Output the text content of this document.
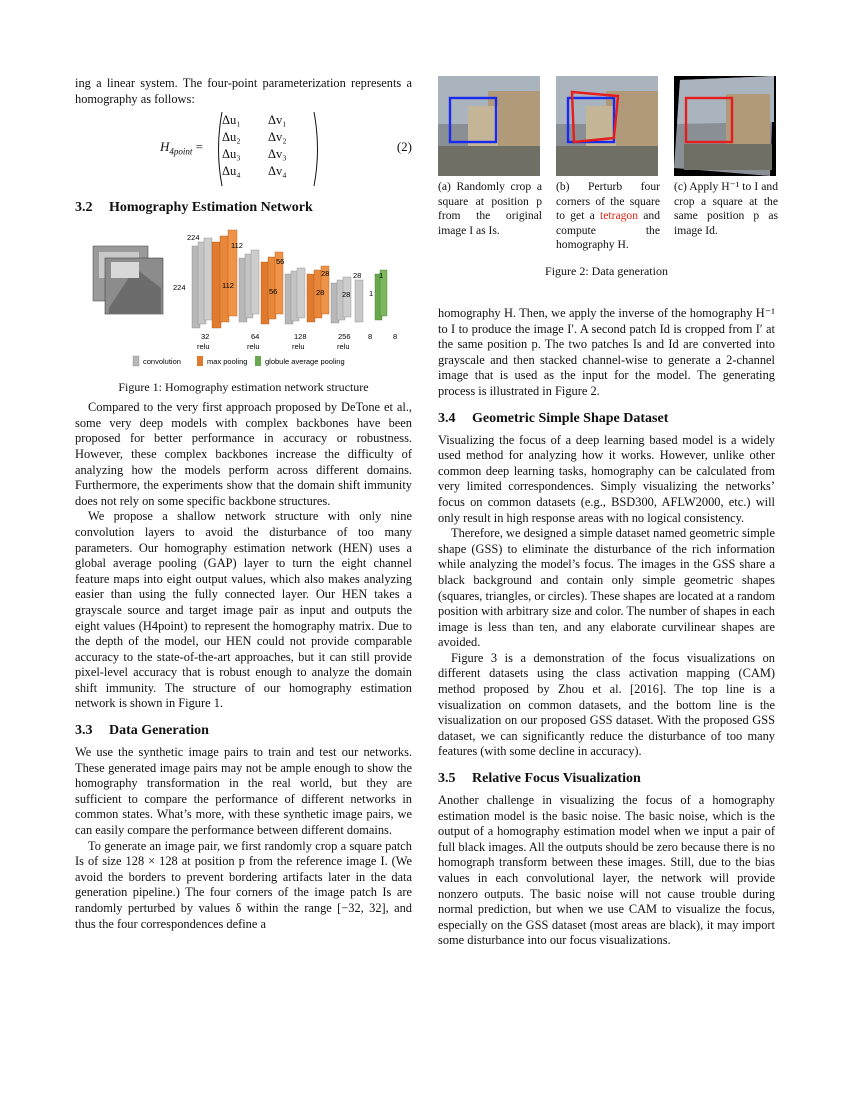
ing a linear system. The four-point parameterization represents a homography as follows:

$H_{4point}$ =
Δu₁ Δv₁
Δu₂ Δv₂
Δu₃ Δv₃
Δu₄ Δv₄
(2)
3.2 Homography Estimation Network
224
224
112
112
56
56
28
28
28
28
1
1
32
relu
64
relu
128
relu
256
relu
8	8
convolution	max pooling globule average pooling
Figure 1: Homography estimation network structure

Compared to the very first approach proposed by DeTone et al., some very deep models with complex backbones have been proposed for better performance in accuracy or robustness. However, these complex backbones increase the difficulty of analyzing how the models perform across different domains. Furthermore, the experiments show that the domain shift immunity does not rely on some specific backbone structures.

We propose a shallow network structure with only nine convolution layers to avoid the disturbance of too many parameters. Our homography estimation network (HEN) uses a global average pooling (GAP) layer to turn the eight channel feature maps into eight output values, which also makes analyzing easier than using the fully connected layer. Our HEN takes a grayscale source and target image pair as input and outputs the eight values (H4point) to represent the homography matrix. Due to the depth of the model, our HEN could not provide comparable accuracy to the state-of-the-art approaches, but it can still provide pixel-level accuracy that is robust enough to analyze the domain shift immunity. The structure of our homography estimation network is shown in Figure 1.

3.3 Data Generation

We use the synthetic image pairs to train and test our networks. These generated image pairs may not be ample enough to show the homography transformation in the real world, but they are sufficient to compare the performance of different networks in common states. What’s more, with these synthetic image pairs, we can easily compare the performance between different domains.

To generate an image pair, we first randomly crop a square patch Is of size 128 × 128 at position p from the reference image I. (We avoid the borders to prevent bordering artifacts later in the data generation pipeline.) The four corners of the image patch Is are randomly perturbed by values δ within the range [−32, 32], and thus the four correspondences define a

(a) Randomly crop a square at position p from the original image I as Is.
(b) Perturb four corners of the square to get a tetragon and compute the homography H.
(c) Apply H⁻¹ to I and crop a square at the same position p as image Id.
Figure 2: Data generation

homography H. Then, we apply the inverse of the homography H⁻¹ to I to produce the image I′. A second patch Id is cropped from I′ at the same position p. The two patches Is and Id are converted into grayscale and then stacked channel-wise to generate a 2-channel image that is used as the input for the model. The generating process is illustrated in Figure 2.

3.4 Geometric Simple Shape Dataset

Visualizing the focus of a deep learning based model is a widely used method for analyzing how it works. However, unlike other common deep learning tasks, homography can be calculated from very limited correspondences. Simply visualizing the networks’ focus on common datasets (e.g., BSD300, AFLW2000, etc.) will only result in high response areas with no logical consistency.

Therefore, we designed a simple dataset named geometric simple shape (GSS) to eliminate the disturbance of the rich information while analyzing the model’s focus. The images in the GSS share a black background and contain only simple geometric shapes (squares, triangles, or circles). These shapes are located at a random position with arbitrary size and color. The number of shapes in each image is less than ten, and any elaborate curvilinear shapes are avoided.

Figure 3 is a demonstration of the focus visualizations on different datasets using the class activation mapping (CAM) method proposed by Zhou et al. [2016]. The top line is a visualization on common datasets, and the bottom line is the visualization on our proposed GSS dataset. With the proposed GSS dataset, we can significantly reduce the disturbance of too many features (with some decline in accuracy).

3.5 Relative Focus Visualization

Another challenge in visualizing the focus of a homography estimation model is the basic noise. The basic noise, which is the output of a homography estimation model when we input a pair of full black images. All the outputs should be zero because there is no homograph transform between these images. Still, due to the bias values in each convolutional layer, the network will provide nonzero outputs. The basic noise will not cause trouble during normal prediction, but when we use CAM to visualize the focus, especially on the GSS dataset (most areas are black), it may import some disturbance into our focus visualizations.
